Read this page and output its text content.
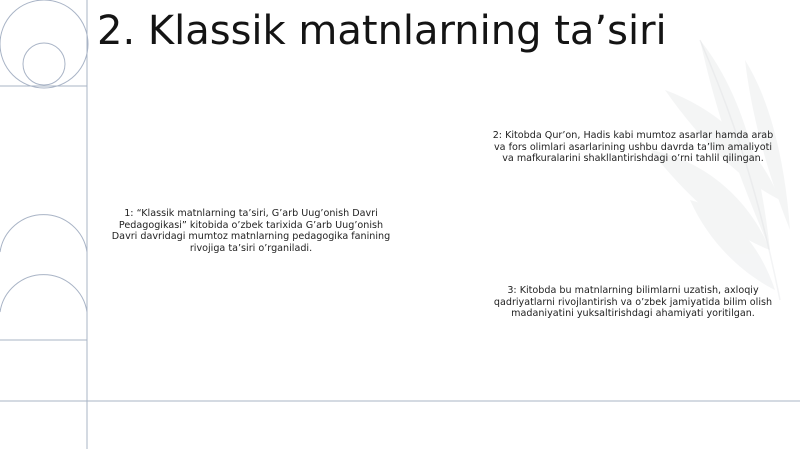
2. Klassik matnlarning ta’siri

1: “Klassik matnlarning ta’siri, G’arb Uug’onish Davri Pedagogikasi” kitobida o’zbek tarixida G’arb Uug’onish Davri davridagi mumtoz matnlarning pedagogika fanining rivojiga ta’siri o’rganiladi.

2: Kitobda Qur’on, Hadis kabi mumtoz asarlar hamda arab va fors olimlari asarlarining ushbu davrda ta’lim amaliyoti va mafkuralarini shakllantirishdagi o’rni tahlil qilingan.

3: Kitobda bu matnlarning bilimlarni uzatish, axloqiy qadriyatlarni rivojlantirish va o’zbek jamiyatida bilim olish madaniyatini yuksaltirishdagi ahamiyati yoritilgan.
